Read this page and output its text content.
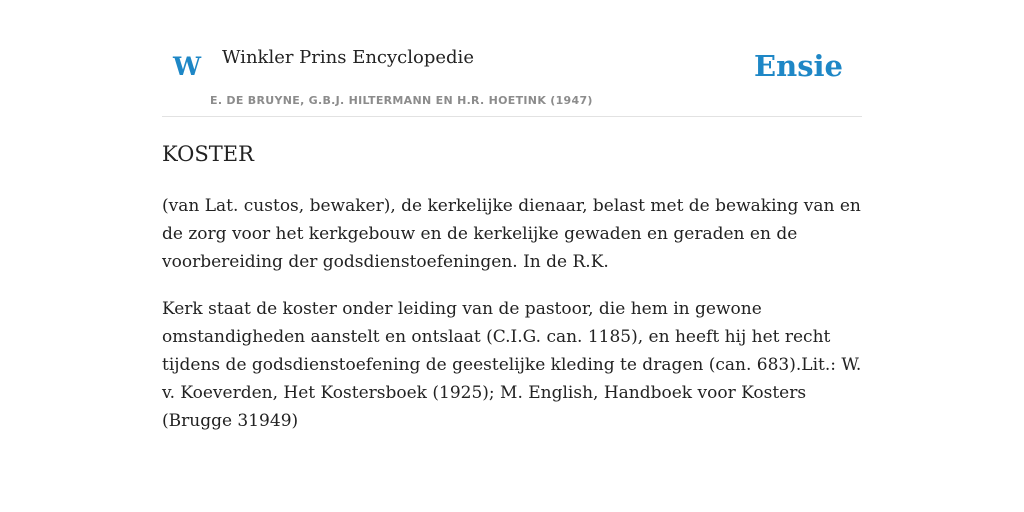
W Winkler Prins Encyclopedie
E. DE BRUYNE, G.B.J. HILTERMANN EN H.R. HOETINK (1947)
Ensie
KOSTER

(van Lat. custos, bewaker), de kerkelijke dienaar, belast met de bewaking van en de zorg voor het kerkgebouw en de kerkelijke gewaden en geraden en de voorbereiding der godsdienstoefeningen. In de R.K.

Kerk staat de koster onder leiding van de pastoor, die hem in gewone omstandigheden aanstelt en ontslaat (C.I.G. can. 1185), en heeft hij het recht tijdens de godsdienstoefening de geestelijke kleding te dragen (can. 683).Lit.: W. v. Koeverden, Het Kostersboek (1925); M. English, Handboek voor Kosters (Brugge 31949)
